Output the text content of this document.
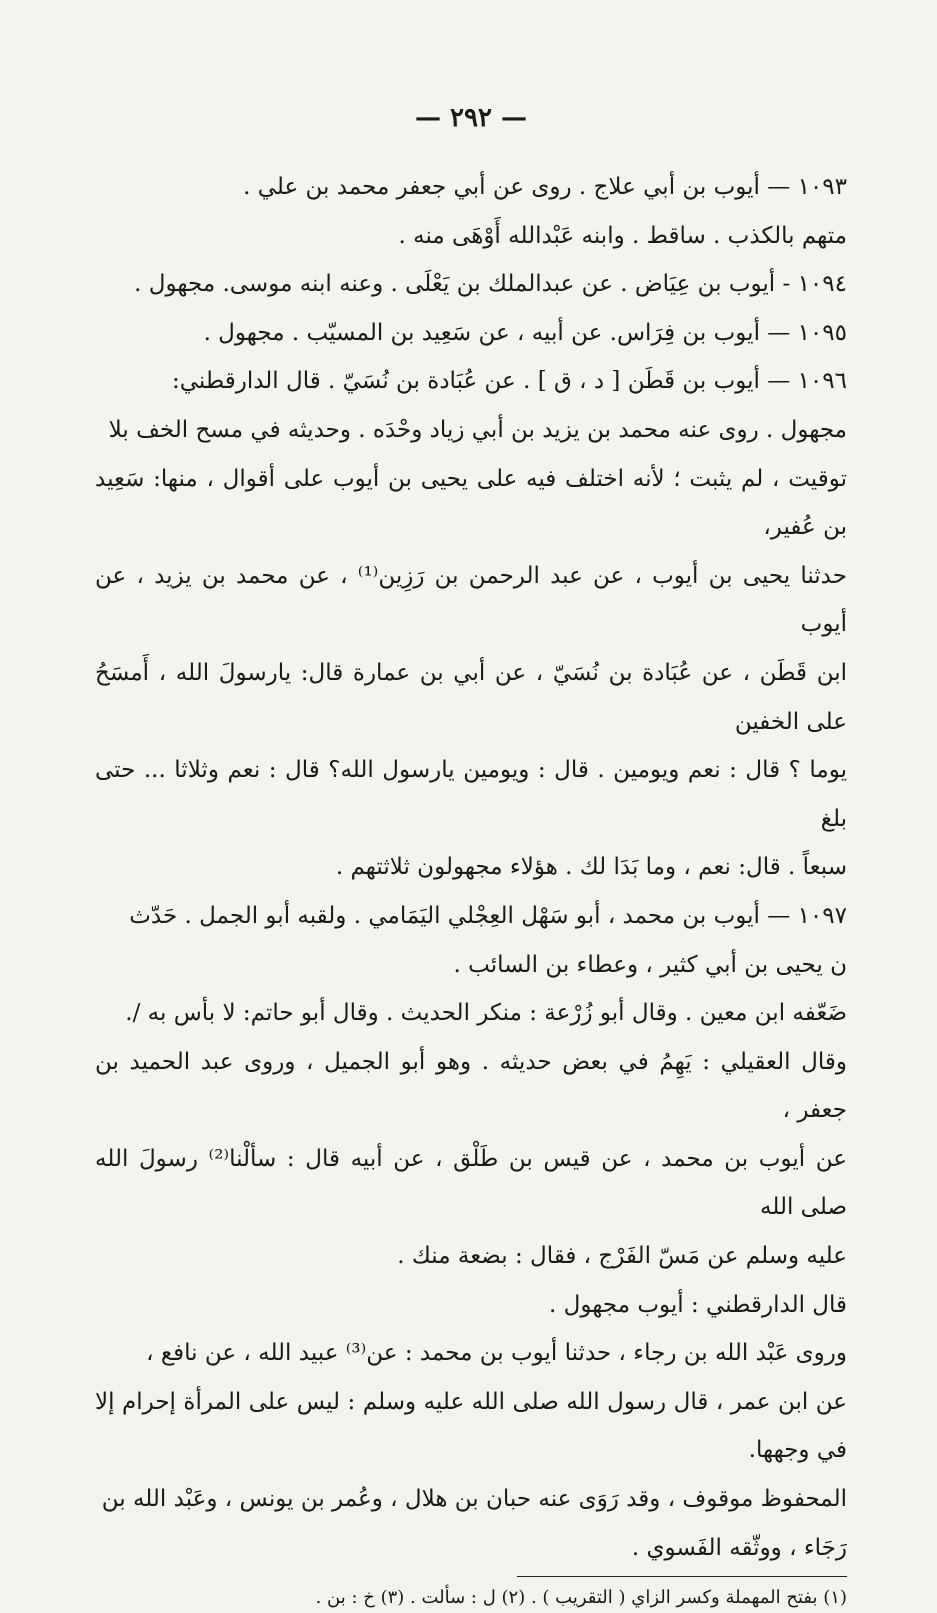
— ٢٩٢ —

١٠٩٣ — أيوب بن أبي علاج . روى عن أبي جعفر محمد بن علي .

متهم بالكذب . ساقط . وابنه عَبْدالله أَوْهَى منه .

١٠٩٤ - أيوب بن عِيَاض . عن عبدالملك بن يَعْلَى . وعنه ابنه موسى. مجهول .

١٠٩٥ — أيوب بن فِرَاس. عن أبيه ، عن سَعِيد بن المسيّب . مجهول .

١٠٩٦ — أيوب بن قَطَن [ د ، ق ] . عن عُبَادة بن نُسَيّ . قال الدارقطني:

مجهول . روى عنه محمد بن يزيد بن أبي زياد وحْدَه . وحديثه في مسح الخف بلا

توقيت ، لم يثبت ؛ لأنه اختلف فيه على يحيى بن أيوب على أقوال ، منها: سَعِيد بن عُفير،

حدثنا يحيى بن أيوب ، عن عبد الرحمن بن رَزِين⁽¹⁾ ، عن محمد بن يزيد ، عن أيوب

ابن قَطَن ، عن عُبَادة بن نُسَيّ ، عن أبي بن عمارة قال: يارسولَ الله ، أَمسَحُ على الخفين

يوما ؟ قال : نعم ويومين . قال : ويومين يارسول الله؟ قال : نعم وثلاثا ... حتى بلغ

سبعاً . قال: نعم ، وما بَدَا لك . هؤلاء مجهولون ثلاثتهم .

١٠٩٧ — أيوب بن محمد ، أبو سَهْل العِجْلي اليَمَامي . ولقبه أبو الجمل . حَدّث

ن يحيى بن أبي كثير ، وعطاء بن السائب .

ضَعّفه ابن معين . وقال أبو زُرْعة : منكر الحديث . وقال أبو حاتم: لا بأس به /.

وقال العقيلي : يَهِمُ في بعض حديثه . وهو أبو الجميل ، وروى عبد الحميد بن جعفر ،

عن أيوب بن محمد ، عن قيس بن طَلْق ، عن أبيه قال : سألْنا⁽²⁾ رسولَ الله صلى الله

عليه وسلم عن مَسّ الفَرْج ، فقال : بضعة منك .

قال الدارقطني : أيوب مجهول .

وروى عَبْد الله بن رجاء ، حدثنا أيوب بن محمد : عن⁽³⁾ عبيد الله ، عن نافع ،

عن ابن عمر ، قال رسول الله صلى الله عليه وسلم : ليس على المرأة إحرام إلا في وجهها.

المحفوظ موقوف ، وقد رَوَى عنه حبان بن هلال ، وعُمر بن يونس ، وعَبْد الله بن

رَجَاء ، ووثّقه الفَسوي .

(١) بفتح المهملة وكسر الزاي ( التقريب ) . (٢) ل : سألت . (٣) خ : بن .
